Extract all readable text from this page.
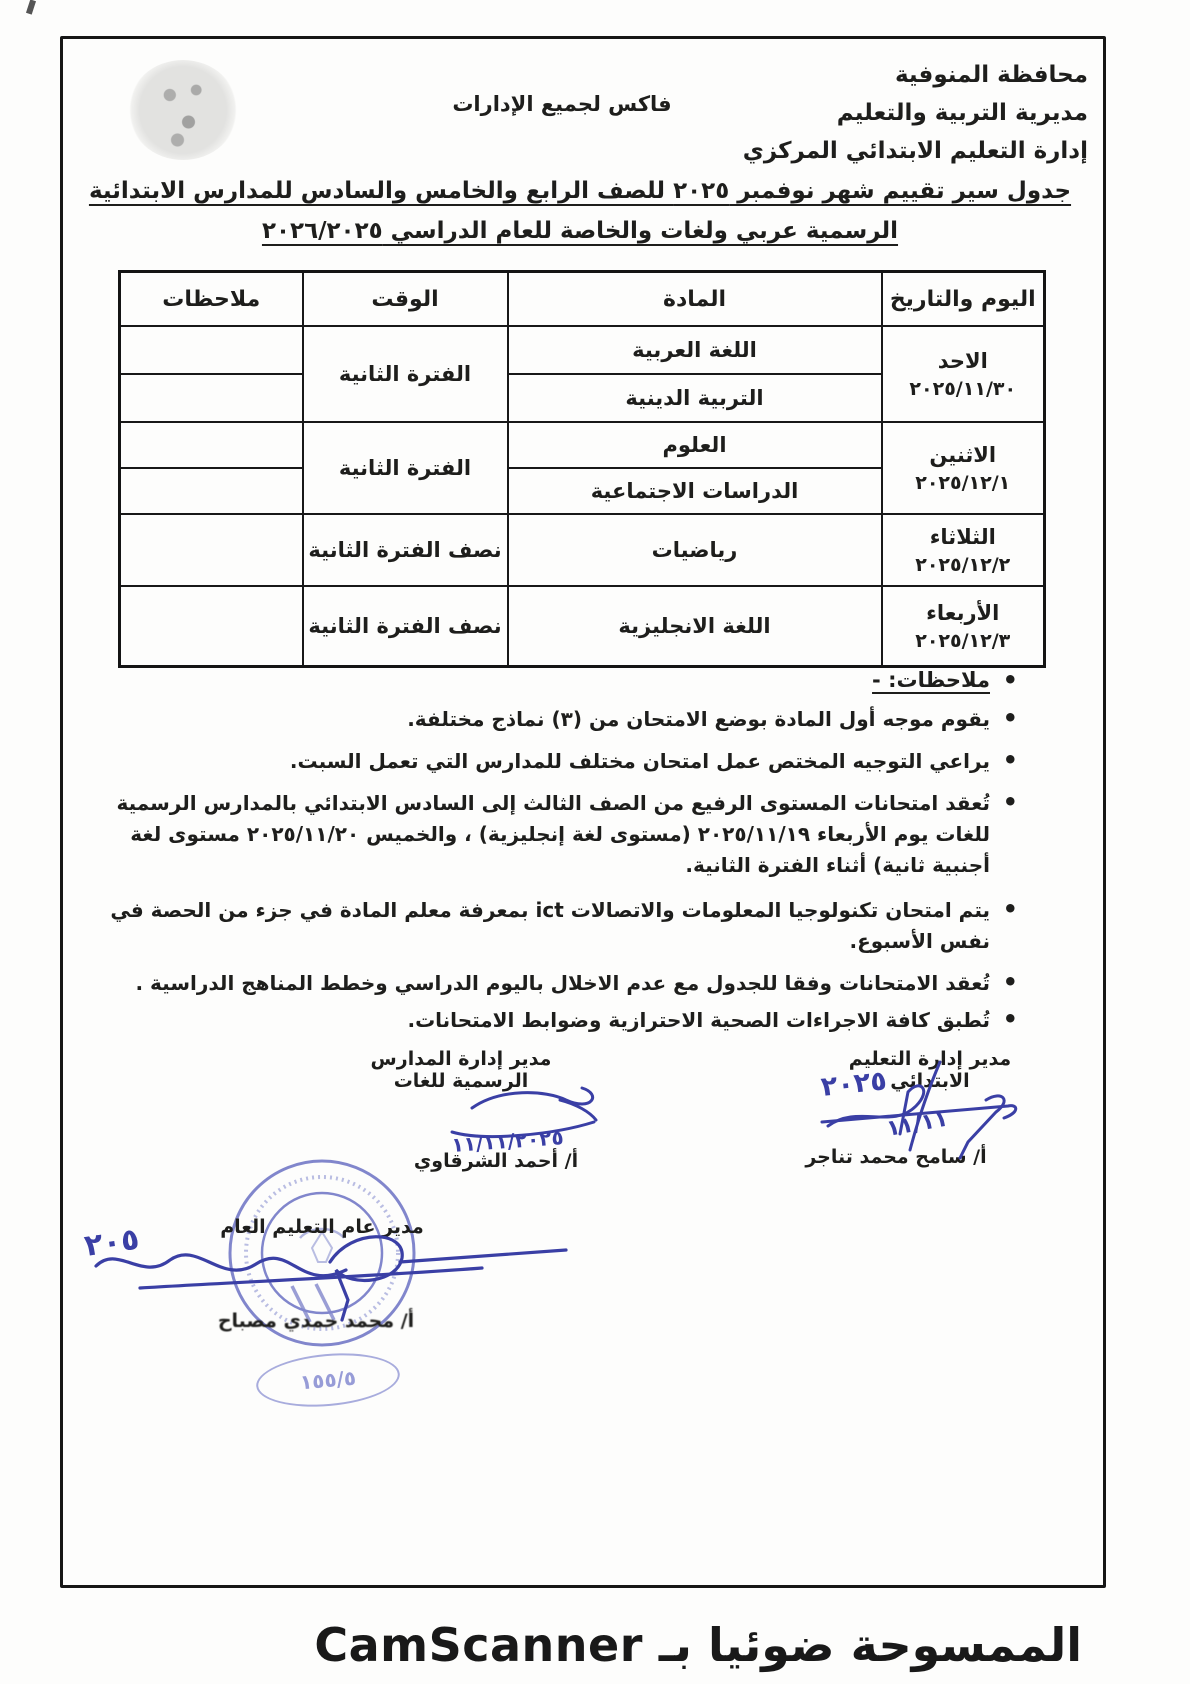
محافظة المنوفية
مديرية التربية والتعليم
إدارة التعليم الابتدائي المركزي
فاكس لجميع الإدارات
جدول سير تقييم شهر نوفمبر ٢٠٢٥ للصف الرابع والخامس والسادس للمدارس الابتدائية
الرسمية عربي ولغات والخاصة للعام الدراسي ٢٠٢٦/٢٠٢٥
اليوم والتاريخ	المادة	الوقت	ملاحظات

الاحد
٢٠٢٥/١١/٣٠	اللغة العربية	الفترة الثانية	
	التربية الدينية		

الاثنين
٢٠٢٥/١٢/١	العلوم	الفترة الثانية	
	الدراسات الاجتماعية		

الثلاثاء
٢٠٢٥/١٢/٢	رياضيات	نصف الفترة الثانية	

الأربعاء
٢٠٢٥/١٢/٣	اللغة الانجليزية	نصف الفترة الثانية	
• ملاحظات: -
• يقوم موجه أول المادة بوضع الامتحان من (٣) نماذج مختلفة.
• يراعي التوجيه المختص عمل امتحان مختلف للمدارس التي تعمل السبت.
• تُعقد امتحانات المستوى الرفيع من الصف الثالث إلى السادس الابتدائي بالمدارس الرسمية للغات يوم الأربعاء ٢٠٢٥/١١/١٩ (مستوى لغة إنجليزية) ، والخميس ٢٠٢٥/١١/٢٠ مستوى لغة أجنبية ثانية) أثناء الفترة الثانية.
• يتم امتحان تكنولوجيا المعلومات والاتصالات ict بمعرفة معلم المادة في جزء من الحصة في نفس الأسبوع.
• تُعقد الامتحانات وفقا للجدول مع عدم الاخلال باليوم الدراسي وخطط المناهج الدراسية .
• تُطبق كافة الاجراءات الصحية الاحترازية وضوابط الامتحانات.
مدير إدارة التعليم الابتدائي
أ/ سامح محمد تناجر
مدير إدارة المدارس الرسمية للغات
أ/ أحمد الشرقاوي
مدير عام التعليم العام
أ/ محمد حمدي مصباح
٢٠٢٥
١١/١١
١١/١١/٢٠٢٥
٢٠٥
١٥٥/٥
الممسوحة ضوئيا بـ CamScanner
